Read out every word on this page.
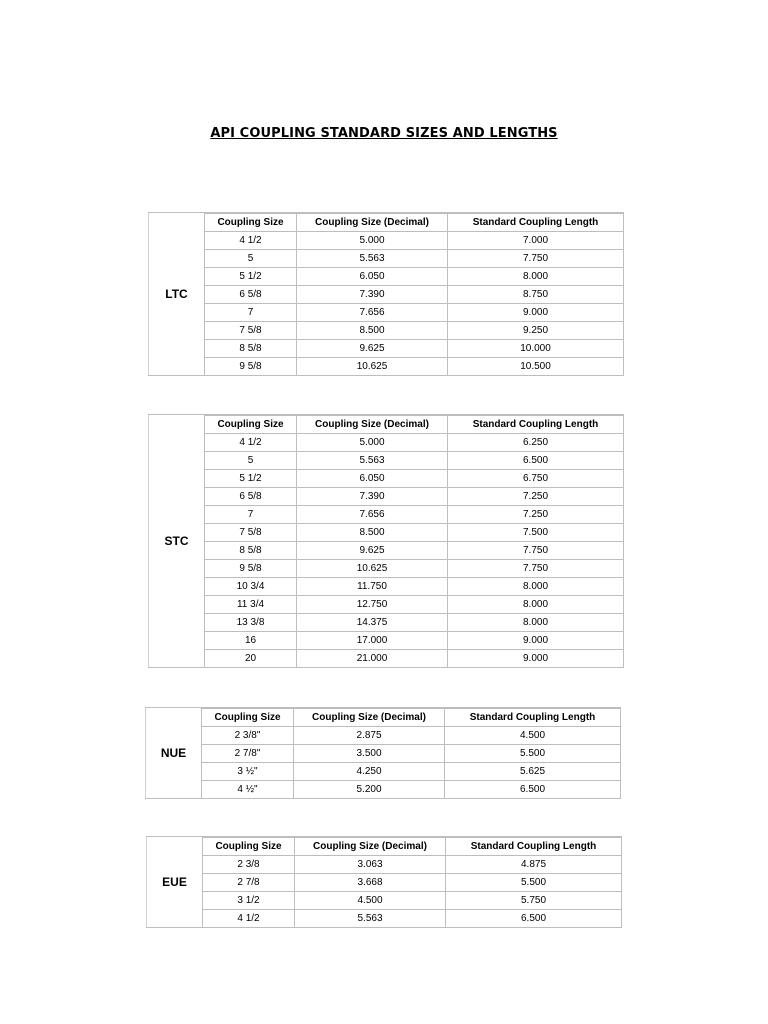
API COUPLING STANDARD SIZES AND LENGTHS
LTC
Coupling Size	Coupling Size (Decimal)	Standard Coupling Length
4 1/2	5.000	7.000
5	5.563	7.750
5 1/2	6.050	8.000
6 5/8	7.390	8.750
7	7.656	9.000
7 5/8	8.500	9.250
8 5/8	9.625	10.000
9 5/8	10.625	10.500
STC
Coupling Size	Coupling Size (Decimal)	Standard Coupling Length
4 1/2	5.000	6.250
5	5.563	6.500
5 1/2	6.050	6.750
6 5/8	7.390	7.250
7	7.656	7.250
7 5/8	8.500	7.500
8 5/8	9.625	7.750
9 5/8	10.625	7.750
10 3/4	11.750	8.000
11 3/4	12.750	8.000
13 3/8	14.375	8.000
16	17.000	9.000
20	21.000	9.000
NUE
Coupling Size	Coupling Size (Decimal)	Standard Coupling Length
2 3/8"	2.875	4.500
2 7/8"	3.500	5.500
3 ½"	4.250	5.625
4 ½"	5.200	6.500
EUE
Coupling Size	Coupling Size (Decimal)	Standard Coupling Length
2 3/8	3.063	4.875
2 7/8	3.668	5.500
3 1/2	4.500	5.750
4 1/2	5.563	6.500
